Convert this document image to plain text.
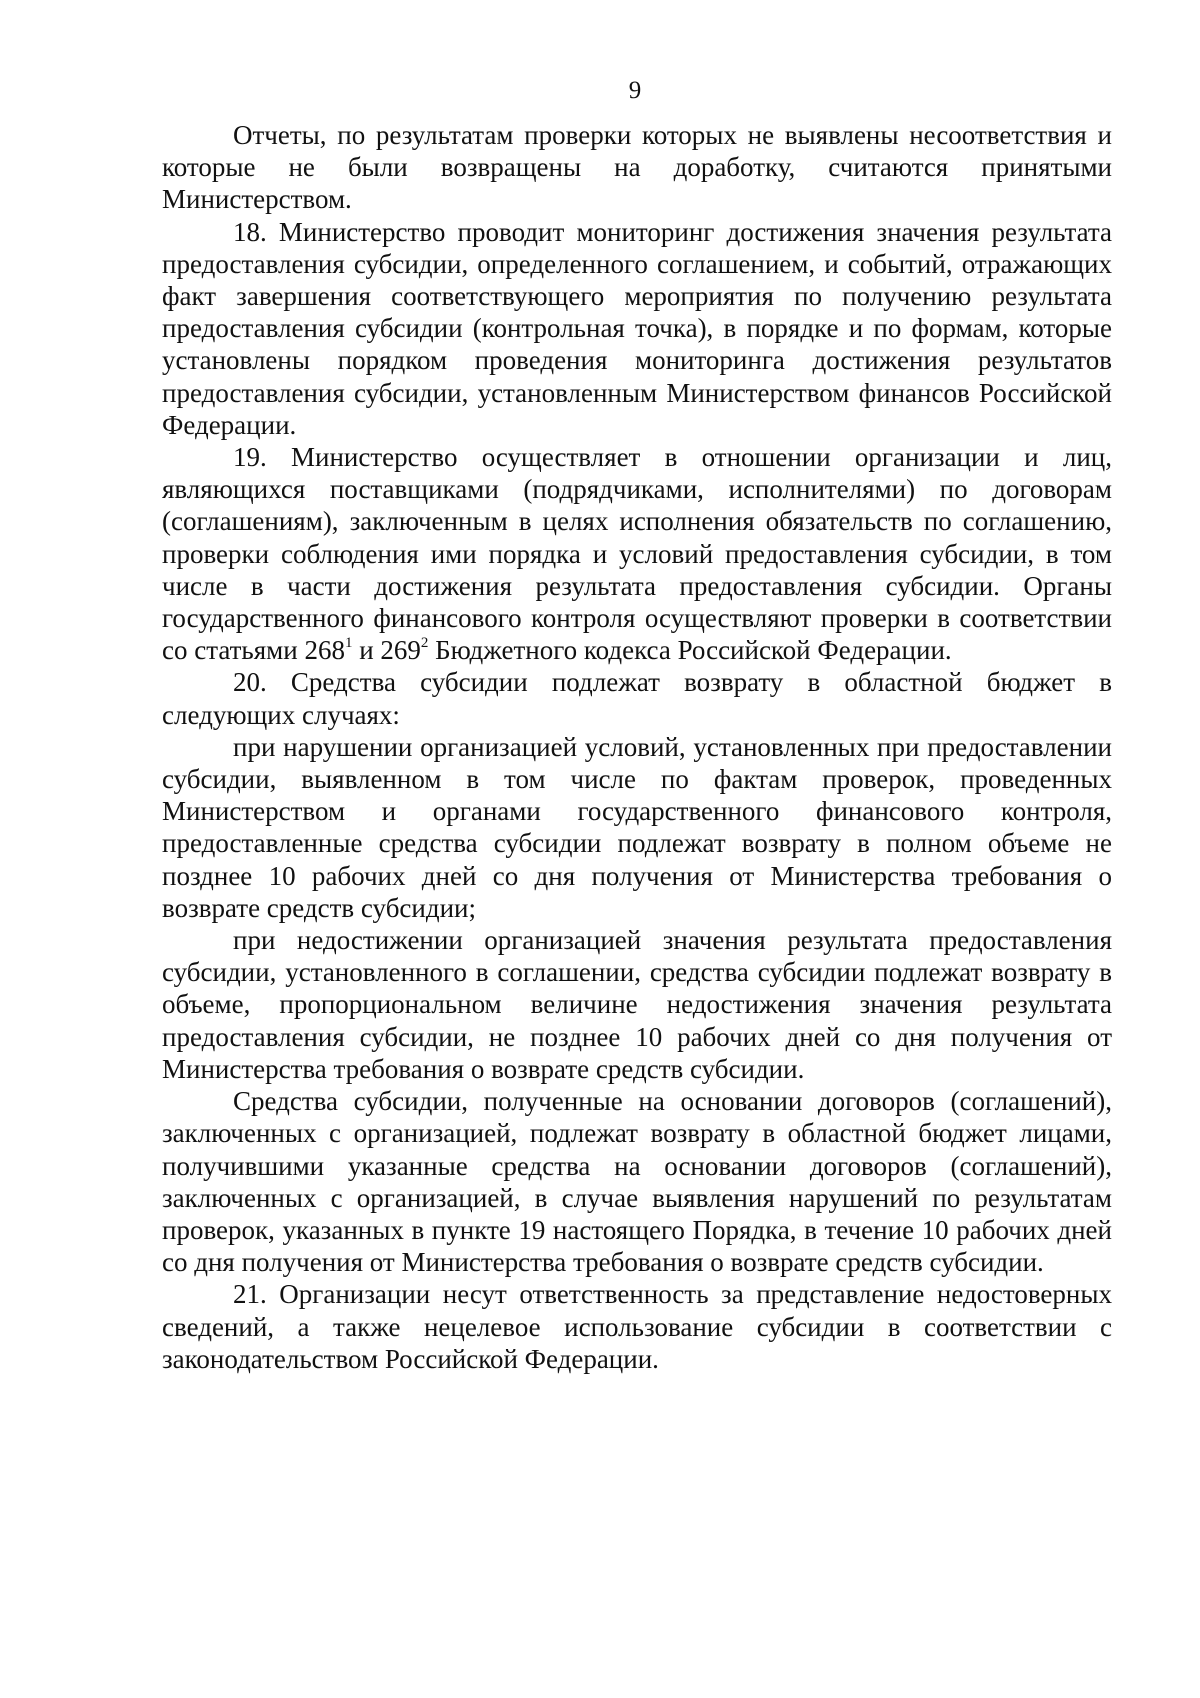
9

Отчеты, по результатам проверки которых не выявлены несоответствия и которые не были возвращены на доработку, считаются принятыми Министерством.

18. Министерство проводит мониторинг достижения значения результата предоставления субсидии, определенного соглашением, и событий, отражающих факт завершения соответствующего мероприятия по получению результата предоставления субсидии (контрольная точка), в порядке и по формам, которые установлены порядком проведения мониторинга достижения результатов предоставления субсидии, установленным Министерством финансов Российской Федерации.

19. Министерство осуществляет в отношении организации и лиц, являющихся поставщиками (подрядчиками, исполнителями) по договорам (соглашениям), заключенным в целях исполнения обязательств по соглашению, проверки соблюдения ими порядка и условий предоставления субсидии, в том числе в части достижения результата предоставления субсидии. Органы государственного финансового контроля осуществляют проверки в соответствии со статьями $268^1$ и $269^2$ Бюджетного кодекса Российской Федерации.

20. Средства субсидии подлежат возврату в областной бюджет в следующих случаях:

при нарушении организацией условий, установленных при предоставлении субсидии, выявленном в том числе по фактам проверок, проведенных Министерством и органами государственного финансового контроля, предоставленные средства субсидии подлежат возврату в полном объеме не позднее 10 рабочих дней со дня получения от Министерства требования о возврате средств субсидии;

при недостижении организацией значения результата предоставления субсидии, установленного в соглашении, средства субсидии подлежат возврату в объеме, пропорциональном величине недостижения значения результата предоставления субсидии, не позднее 10 рабочих дней со дня получения от Министерства требования о возврате средств субсидии.

Средства субсидии, полученные на основании договоров (соглашений), заключенных с организацией, подлежат возврату в областной бюджет лицами, получившими указанные средства на основании договоров (соглашений), заключенных с организацией, в случае выявления нарушений по результатам проверок, указанных в пункте 19 настоящего Порядка, в течение 10 рабочих дней со дня получения от Министерства требования о возврате средств субсидии.

21. Организации несут ответственность за представление недостоверных сведений, а также нецелевое использование субсидии в соответствии с законодательством Российской Федерации.
